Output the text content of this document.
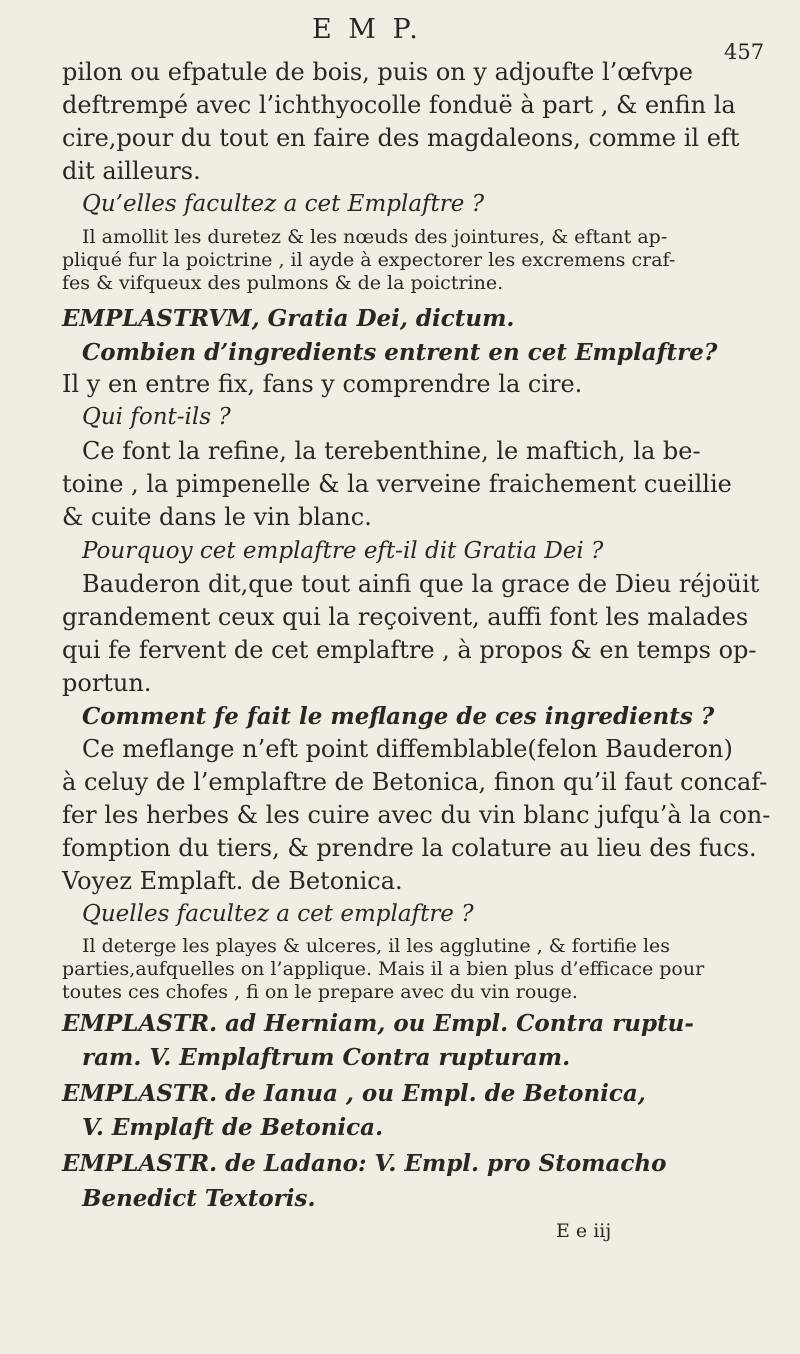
E M P.
457
pilon ou efpatule de bois, puis on y adjoufte l’œfvpe
deftrempé avec l’ichthyocolle fonduë à part , & enfin la
cire,pour du tout en faire des magdaleons, comme il eft
dit ailleurs.
Qu’elles facultez a cet Emplaftre ?
Il amollit les duretez & les nœuds des jointures, & eftant ap-
pliqué fur la poictrine , il ayde à expectorer les excremens craf-
fes & vifqueux des pulmons & de la poictrine.
EMPLASTRVM, Gratia Dei, dictum.
Combien d’ingredients entrent en cet Emplaftre?
Il y en entre fix, fans y comprendre la cire.
Qui font-ils ?
Ce font la refine, la terebenthine, le maftich, la be-
toine , la pimpenelle & la verveine fraichement cueillie
& cuite dans le vin blanc.
Pourquoy cet emplaftre eft-il dit Gratia Dei ?
Bauderon dit,que tout ainfi que la grace de Dieu réjoüit
grandement ceux qui la reçoivent, auffi font les malades
qui fe fervent de cet emplaftre , à propos & en temps op-
portun.
Comment fe fait le meflange de ces ingredients ?
Ce meflange n’eft point diffemblable(felon Bauderon)
à celuy de l’emplaftre de Betonica, finon qu’il faut concaf-
fer les herbes & les cuire avec du vin blanc jufqu’à la con-
fomption du tiers, & prendre la colature au lieu des fucs.
Voyez Emplaft. de Betonica.
Quelles facultez a cet emplaftre ?
Il deterge les playes & ulceres, il les agglutine , & fortifie les
parties,aufquelles on l’applique. Mais il a bien plus d’efficace pour
toutes ces chofes , fi on le prepare avec du vin rouge.
EMPLASTR. ad Herniam, ou Empl. Contra ruptu-
ram. V. Emplaftrum Contra rupturam.
EMPLASTR. de Ianua , ou Empl. de Betonica,
V. Emplaft de Betonica.
EMPLASTR. de Ladano: V. Empl. pro Stomacho
Benedict Textoris.
E e iij
